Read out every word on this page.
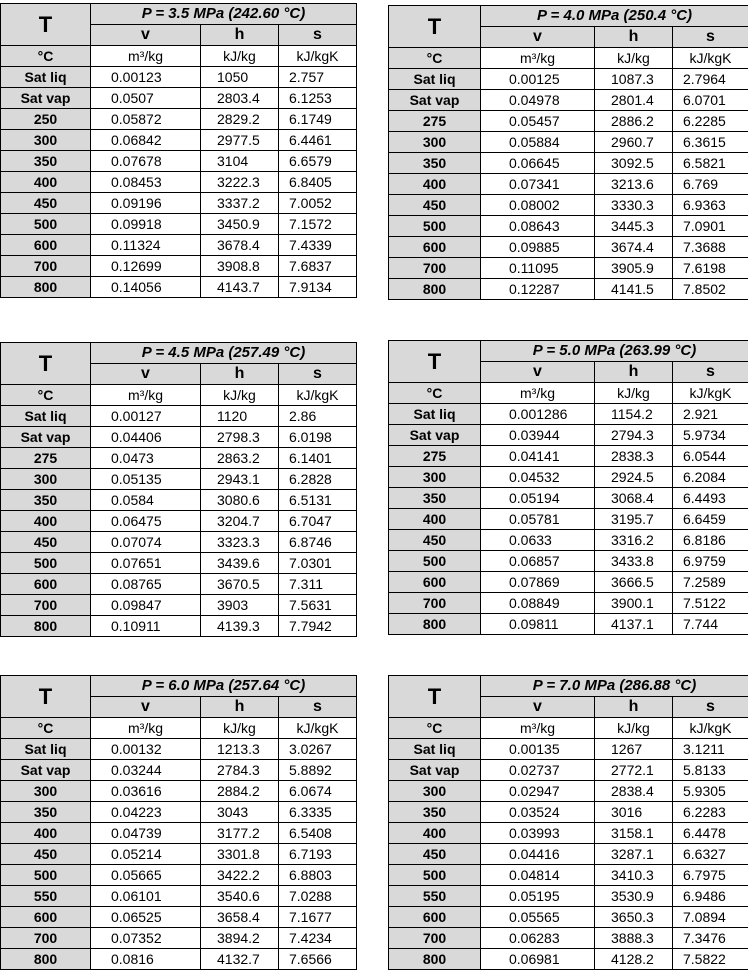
T	P = 3.5 MPa (242.60 °C)		
	v	h	s
°C	m³/kg	kJ/kg	kJ/kgK
Sat liq	0.00123	1050	2.757
Sat vap	0.0507	2803.4	6.1253
250	0.05872	2829.2	6.1749
300	0.06842	2977.5	6.4461
350	0.07678	3104	6.6579
400	0.08453	3222.3	6.8405
450	0.09196	3337.2	7.0052
500	0.09918	3450.9	7.1572
600	0.11324	3678.4	7.4339
700	0.12699	3908.8	7.6837
800	0.14056	4143.7	7.9134
T	P = 4.0 MPa (250.4 °C)		
	v	h	s
°C	m³/kg	kJ/kg	kJ/kgK
Sat liq	0.00125	1087.3	2.7964
Sat vap	0.04978	2801.4	6.0701
275	0.05457	2886.2	6.2285
300	0.05884	2960.7	6.3615
350	0.06645	3092.5	6.5821
400	0.07341	3213.6	6.769
450	0.08002	3330.3	6.9363
500	0.08643	3445.3	7.0901
600	0.09885	3674.4	7.3688
700	0.11095	3905.9	7.6198
800	0.12287	4141.5	7.8502
T	P = 4.5 MPa (257.49 °C)		
	v	h	s
°C	m³/kg	kJ/kg	kJ/kgK
Sat liq	0.00127	1120	2.86
Sat vap	0.04406	2798.3	6.0198
275	0.0473	2863.2	6.1401
300	0.05135	2943.1	6.2828
350	0.0584	3080.6	6.5131
400	0.06475	3204.7	6.7047
450	0.07074	3323.3	6.8746
500	0.07651	3439.6	7.0301
600	0.08765	3670.5	7.311
700	0.09847	3903	7.5631
800	0.10911	4139.3	7.7942
T	P = 5.0 MPa (263.99 °C)		
	v	h	s
°C	m³/kg	kJ/kg	kJ/kgK
Sat liq	0.001286	1154.2	2.921
Sat vap	0.03944	2794.3	5.9734
275	0.04141	2838.3	6.0544
300	0.04532	2924.5	6.2084
350	0.05194	3068.4	6.4493
400	0.05781	3195.7	6.6459
450	0.0633	3316.2	6.8186
500	0.06857	3433.8	6.9759
600	0.07869	3666.5	7.2589
700	0.08849	3900.1	7.5122
800	0.09811	4137.1	7.744
T	P = 6.0 MPa (257.64 °C)		
	v	h	s
°C	m³/kg	kJ/kg	kJ/kgK
Sat liq	0.00132	1213.3	3.0267
Sat vap	0.03244	2784.3	5.8892
300	0.03616	2884.2	6.0674
350	0.04223	3043	6.3335
400	0.04739	3177.2	6.5408
450	0.05214	3301.8	6.7193
500	0.05665	3422.2	6.8803
550	0.06101	3540.6	7.0288
600	0.06525	3658.4	7.1677
700	0.07352	3894.2	7.4234
800	0.0816	4132.7	7.6566
T	P = 7.0 MPa (286.88 °C)		
	v	h	s
°C	m³/kg	kJ/kg	kJ/kgK
Sat liq	0.00135	1267	3.1211
Sat vap	0.02737	2772.1	5.8133
300	0.02947	2838.4	5.9305
350	0.03524	3016	6.2283
400	0.03993	3158.1	6.4478
450	0.04416	3287.1	6.6327
500	0.04814	3410.3	6.7975
550	0.05195	3530.9	6.9486
600	0.05565	3650.3	7.0894
700	0.06283	3888.3	7.3476
800	0.06981	4128.2	7.5822
